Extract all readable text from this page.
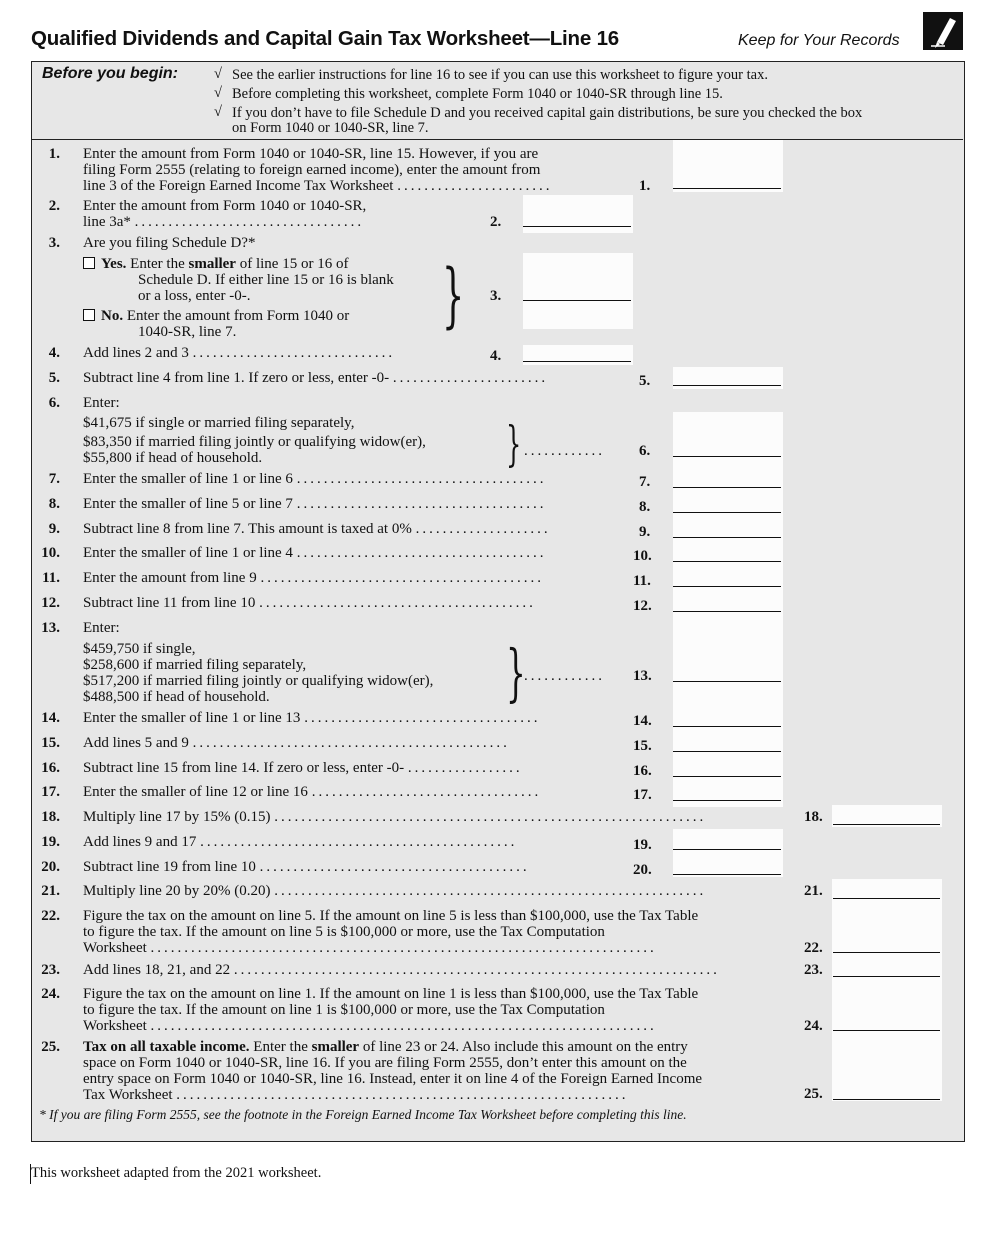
Qualified Dividends and Capital Gain Tax Worksheet—Line 16	Keep for Your Records
Before you begin: √ See the earlier instructions for line 16 to see if you can use this worksheet to figure your tax.
√ Before completing this worksheet, complete Form 1040 or 1040-SR through line 15.
√ If you don’t have to file Schedule D and you received capital gain distributions, be sure you checked the box
on Form 1040 or 1040-SR, line 7.
1. Enter the amount from Form 1040 or 1040-SR, line 15. However, if you are
filing Form 2555 (relating to foreign earned income), enter the amount from
line 3 of the Foreign Earned Income Tax Worksheet .......................	1.
2. Enter the amount from Form 1040 or 1040-SR,
line 3a* ..................................	2.
3. Are you filing Schedule D?*
Yes. Enter the smaller of line 15 or 16 of
Schedule D. If either line 15 or 16 is blank
or a loss, enter -0-.
No. Enter the amount from Form 1040 or
1040-SR, line 7.	} 3.
4. Add lines 2 and 3 ..............................	4.
5. Subtract line 4 from line 1. If zero or less, enter -0- .......................	5.
6. Enter:
$41,675 if single or married filing separately,
$83,350 if married filing jointly or qualifying widow(er),
$55,800 if head of household.	} ............ 6.
7. Enter the smaller of line 1 or line 6 .....................................	7.
8. Enter the smaller of line 5 or line 7 .....................................	8.
9. Subtract line 8 from line 7. This amount is taxed at 0% ....................	9.
10. Enter the smaller of line 1 or line 4 .....................................	10.
11. Enter the amount from line 9 ..........................................	11.
12. Subtract line 11 from line 10 .........................................	12.
13. Enter:
$459,750 if single,
$258,600 if married filing separately,
$517,200 if married filing jointly or qualifying widow(er),
$488,500 if head of household.	}
............ 13.
14. Enter the smaller of line 1 or line 13 ...................................	14.
15. Add lines 5 and 9 ...............................................	15.
16. Subtract line 15 from line 14. If zero or less, enter -0- .................	16.
17. Enter the smaller of line 12 or line 16 ..................................	17.
18. Multiply line 17 by 15% (0.15) ................................................................	18.
19. Add lines 9 and 17 ...............................................	19.
20. Subtract line 19 from line 10 ........................................	20.
21. Multiply line 20 by 20% (0.20) ................................................................	21.
22. Figure the tax on the amount on line 5. If the amount on line 5 is less than $100,000, use the Tax Table
to figure the tax. If the amount on line 5 is $100,000 or more, use the Tax Computation
Worksheet ...........................................................................	22.
23. Add lines 18, 21, and 22 ........................................................................	23.
24. Figure the tax on the amount on line 1. If the amount on line 1 is less than $100,000, use the Tax Table
to figure the tax. If the amount on line 1 is $100,000 or more, use the Tax Computation
Worksheet ...........................................................................	24.
25. Tax on all taxable income. Enter the smaller of line 23 or 24. Also include this amount on the entry
space on Form 1040 or 1040-SR, line 16. If you are filing Form 2555, don’t enter this amount on the
entry space on Form 1040 or 1040-SR, line 16. Instead, enter it on line 4 of the Foreign Earned Income
Tax Worksheet ...................................................................	25.
* If you are filing Form 2555, see the footnote in the Foreign Earned Income Tax Worksheet before completing this line.
This worksheet adapted from the 2021 worksheet.
